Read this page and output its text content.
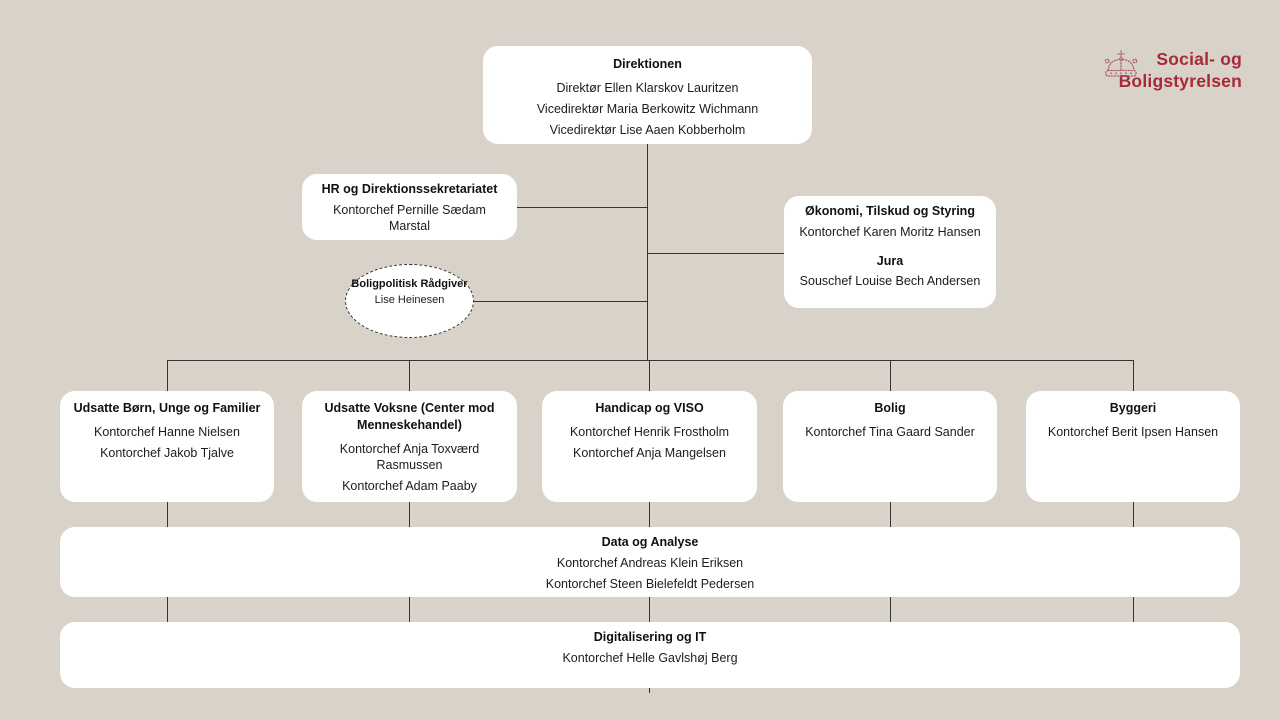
Social- og
Boligstyrelsen
Direktionen
Direktør Ellen Klarskov Lauritzen
Vicedirektør Maria Berkowitz Wichmann
Vicedirektør Lise Aaen Kobberholm
HR og Direktionssekretariatet
Kontorchef Pernille Sædam Marstal
Økonomi, Tilskud og Styring
Kontorchef Karen Moritz Hansen
Jura
Souschef Louise Bech Andersen
Boligpolitisk Rådgiver
Lise Heinesen
Udsatte Børn, Unge og Familier
Kontorchef Hanne Nielsen
Kontorchef Jakob Tjalve
Udsatte Voksne (Center mod Menneskehandel)
Kontorchef Anja Toxværd Rasmussen
Kontorchef Adam Paaby
Handicap og VISO
Kontorchef Henrik Frostholm
Kontorchef Anja Mangelsen
Bolig
Kontorchef Tina Gaard Sander
Byggeri
Kontorchef Berit Ipsen Hansen
Data og Analyse
Kontorchef Andreas Klein Eriksen
Kontorchef Steen Bielefeldt Pedersen
Digitalisering og IT
Kontorchef Helle Gavlshøj Berg
